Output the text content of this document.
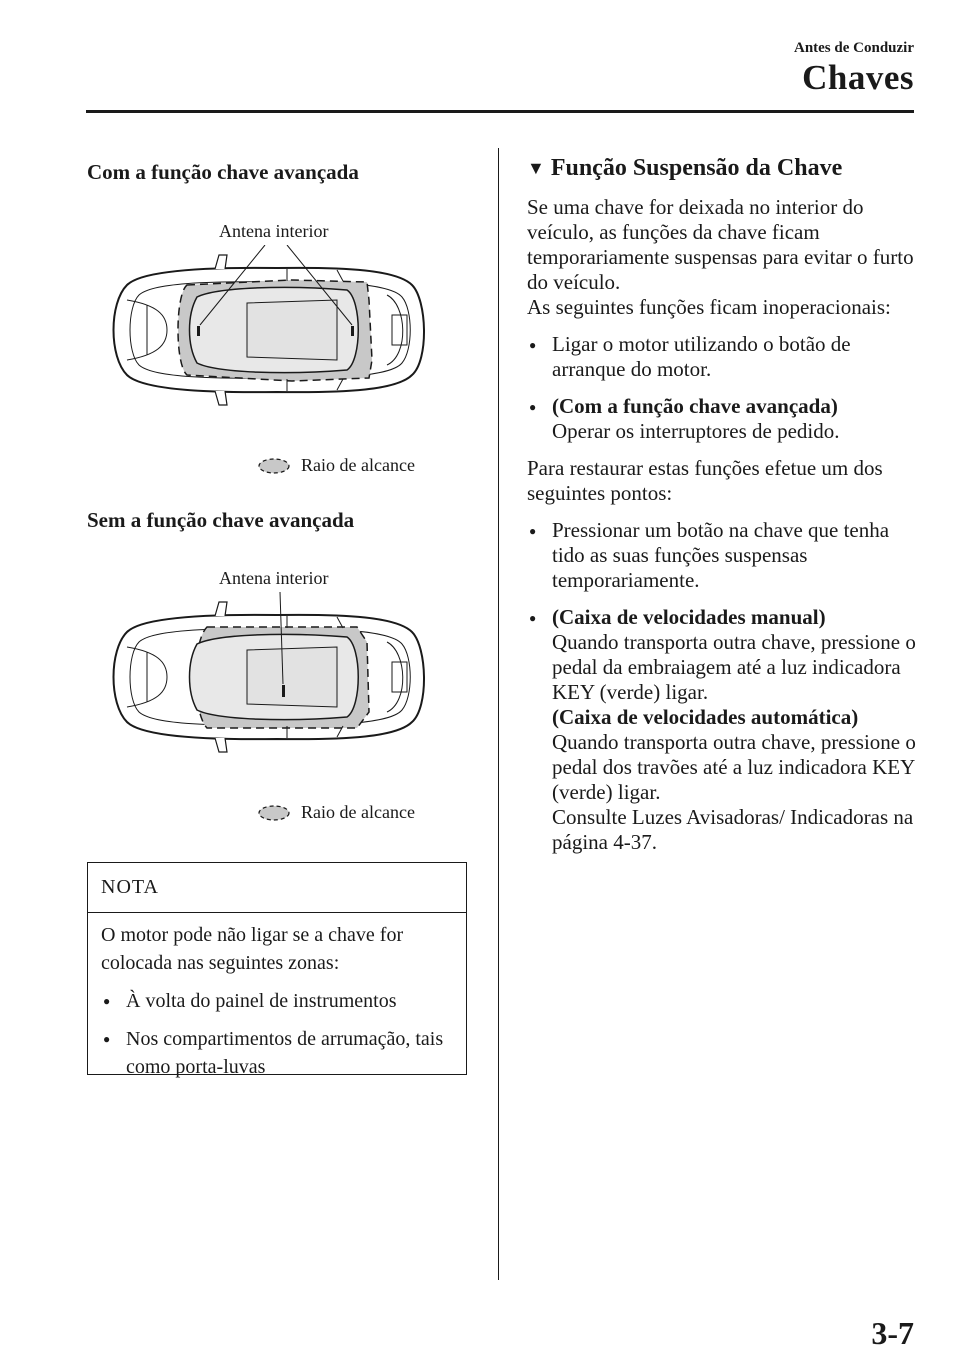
Antes de Conduzir
Chaves
Com a função chave avançada
Antena interior
Raio de alcance
Sem a função chave avançada
Antena interior
Raio de alcance
NOTA

O motor pode não ligar se a chave for colocada nas seguintes zonas:

● À volta do painel de instrumentos
● Nos compartimentos de arrumação, tais como porta-luvas
▼ Função Suspensão da Chave

Se uma chave for deixada no interior do veículo, as funções da chave ficam temporariamente suspensas para evitar o furto do veículo.

As seguintes funções ficam inoperacionais:

● Ligar o motor utilizando o botão de arranque do motor.
● (Com a função chave avançada)
Operar os interruptores de pedido.

Para restaurar estas funções efetue um dos seguintes pontos:

● Pressionar um botão na chave que tenha tido as suas funções suspensas temporariamente.
● (Caixa de velocidades manual)
Quando transporta outra chave, pressione o pedal da embraiagem até a luz indicadora KEY (verde) ligar.
(Caixa de velocidades automática)
Quando transporta outra chave, pressione o pedal dos travões até a luz indicadora KEY (verde) ligar.
Consulte Luzes Avisadoras/ Indicadoras na página 4-37.
3-7
